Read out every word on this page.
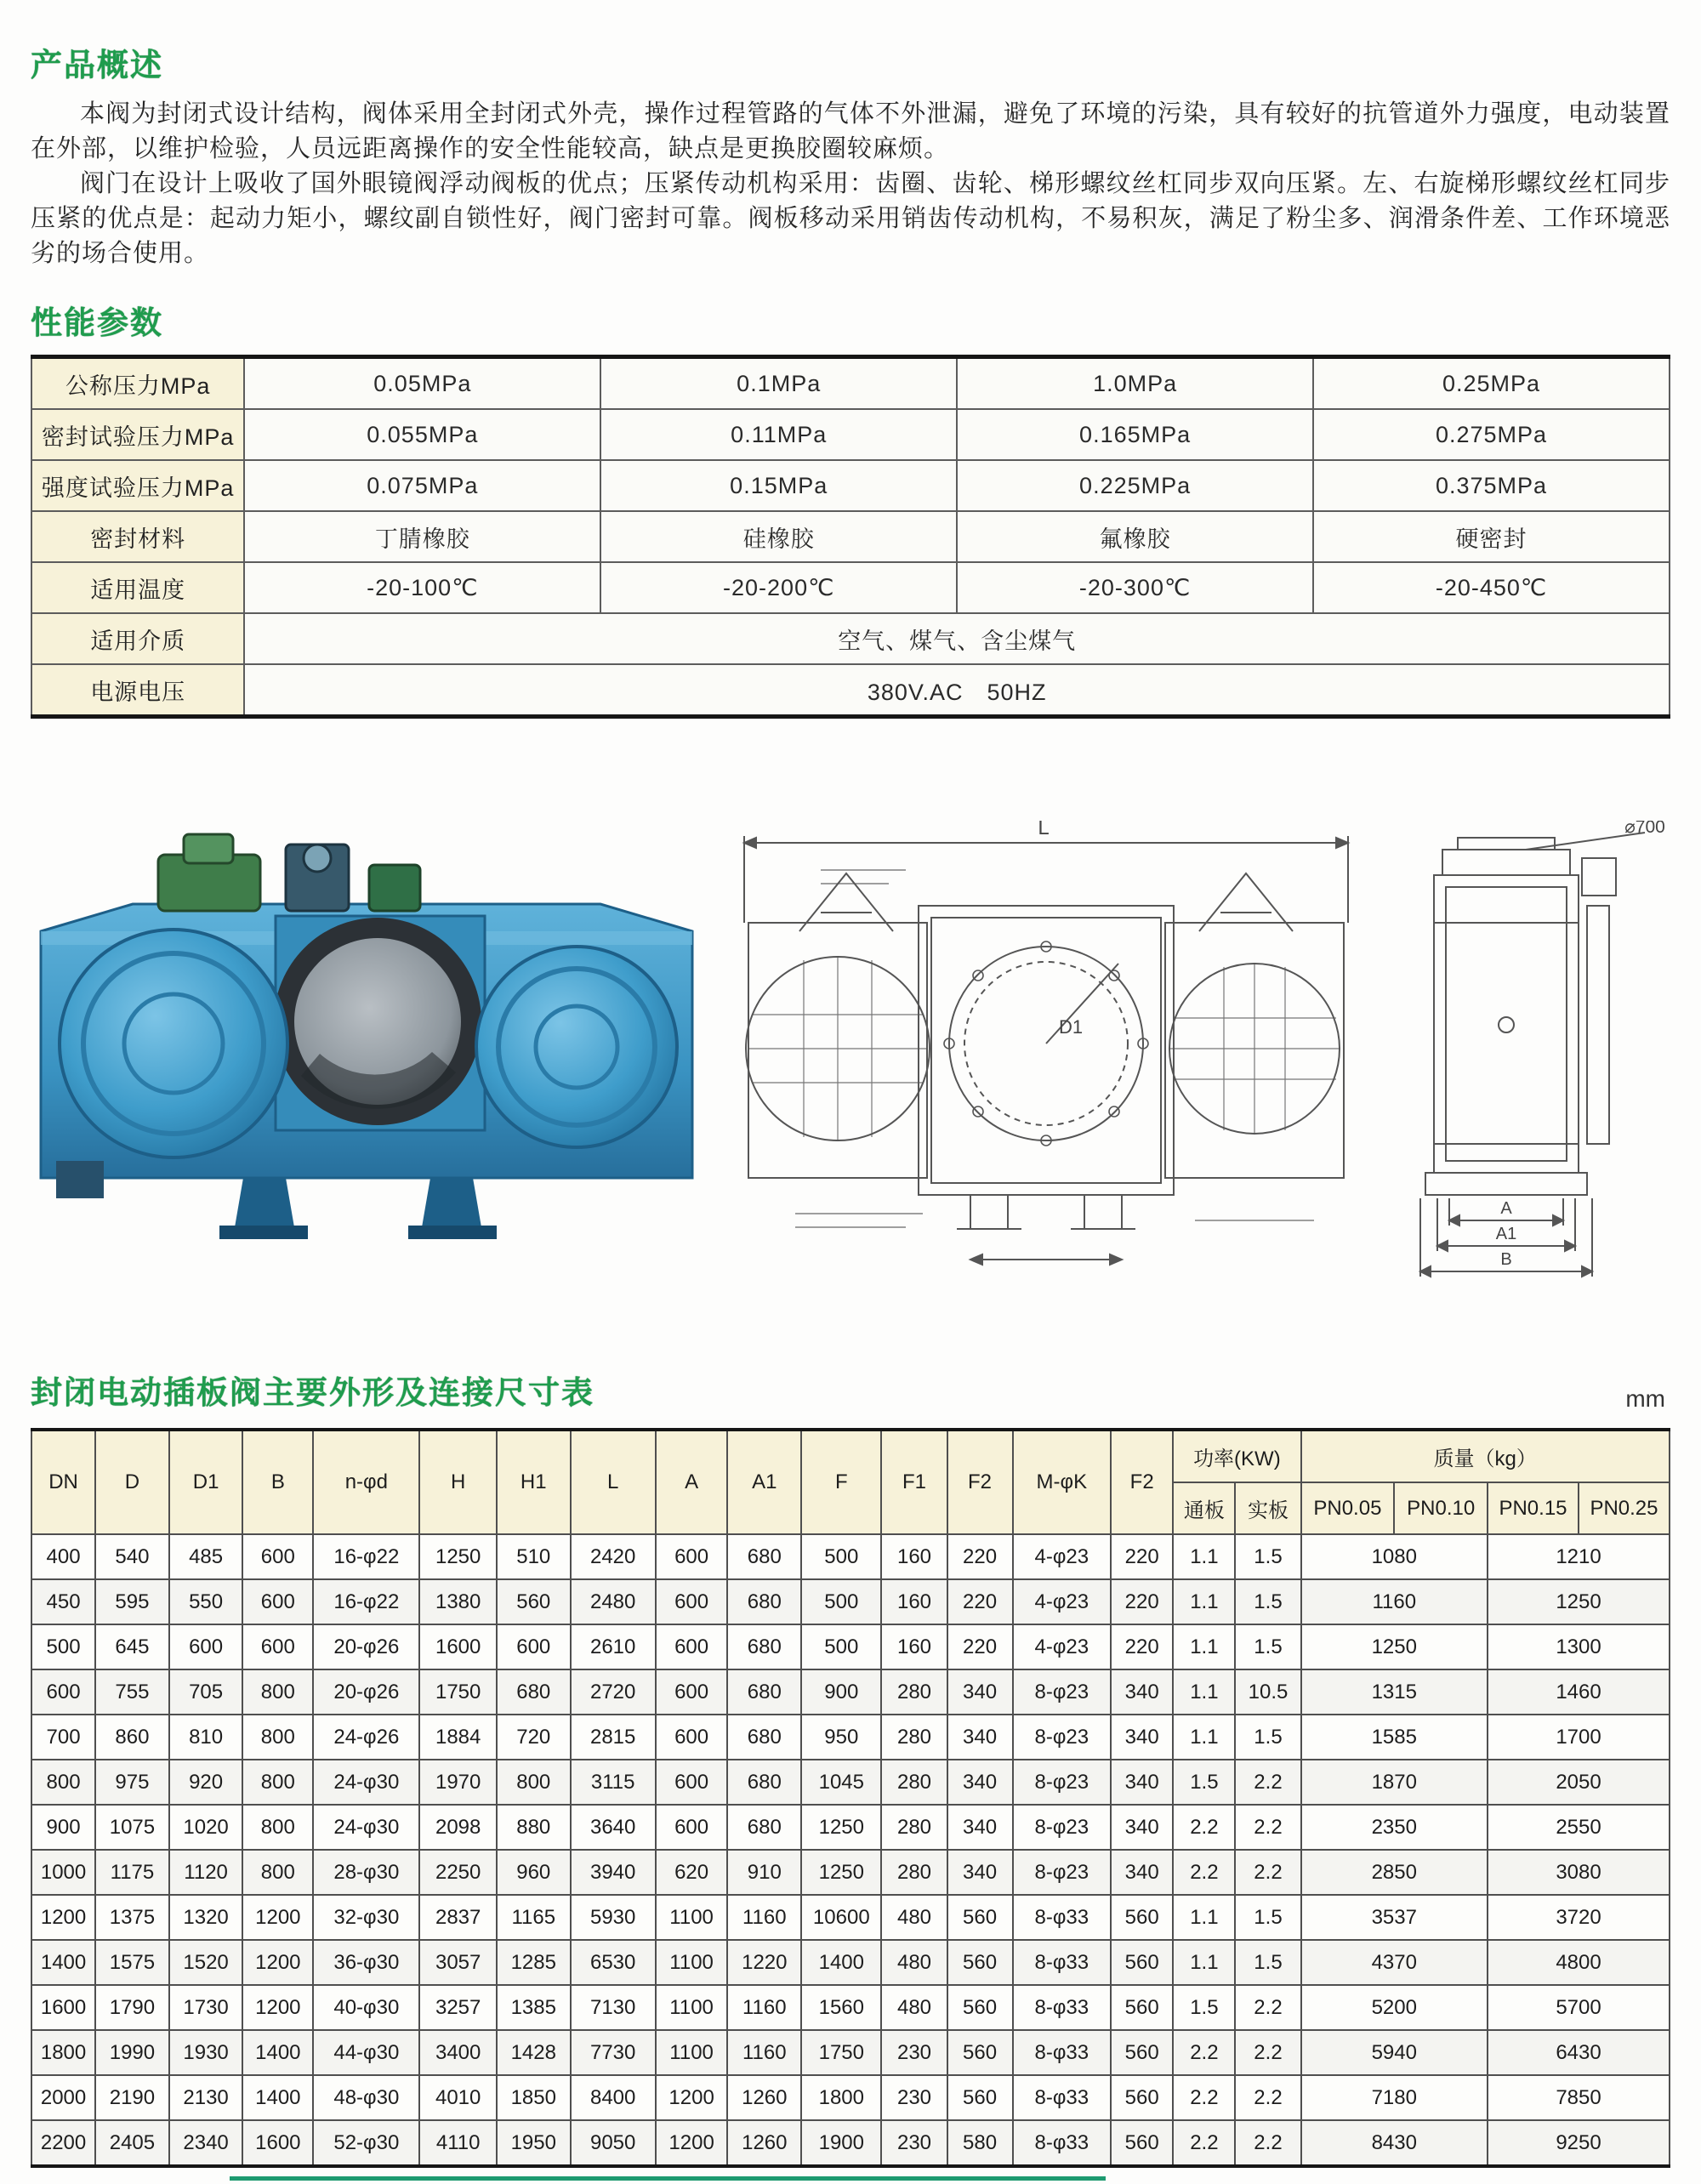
产品概述

本阀为封闭式设计结构，阀体采用全封闭式外壳，操作过程管路的气体不外泄漏，避免了环境的污染，具有较好的抗管道外力强度，电动装置在外部，以维护检验，人员远距离操作的安全性能较高，缺点是更换胶圈较麻烦。

阀门在设计上吸收了国外眼镜阀浮动阀板的优点；压紧传动机构采用：齿圈、齿轮、梯形螺纹丝杠同步双向压紧。左、右旋梯形螺纹丝杠同步压紧的优点是：起动力矩小，螺纹副自锁性好，阀门密封可靠。阀板移动采用销齿传动机构，不易积灰，满足了粉尘多、润滑条件差、工作环境恶劣的场合使用。

性能参数
公称压力MPa	0.05MPa	0.1MPa	1.0MPa	0.25MPa
密封试验压力MPa	0.055MPa	0.11MPa	0.165MPa	0.275MPa
强度试验压力MPa	0.075MPa	0.15MPa	0.225MPa	0.375MPa
密封材料	丁腈橡胶	硅橡胶	氟橡胶	硬密封
适用温度	-20-100℃	-20-200℃	-20-300℃	-20-450℃
适用介质	空气、煤气、含尘煤气			
电源电压	380V.AC　50HZ			
L
D1
⌀700
A
A1
B
封闭电动插板阀主要外形及连接尺寸表	mm
DN	D	D1	B	n-φd	H	H1	L	A	A1	F	F1	F2	M-φK	F2	功率(KW)		质量（kg）			
															通板	实板	PN0.05	PN0.10	PN0.15	PN0.25
400	540	485	600	16-φ22	1250	510	2420	600	680	500	160	220	4-φ23	220	1.1	1.5	1080		1210	
450	595	550	600	16-φ22	1380	560	2480	600	680	500	160	220	4-φ23	220	1.1	1.5	1160		1250	
500	645	600	600	20-φ26	1600	600	2610	600	680	500	160	220	4-φ23	220	1.1	1.5	1250		1300	
600	755	705	800	20-φ26	1750	680	2720	600	680	900	280	340	8-φ23	340	1.1	10.5	1315		1460	
700	860	810	800	24-φ26	1884	720	2815	600	680	950	280	340	8-φ23	340	1.1	1.5	1585		1700	
800	975	920	800	24-φ30	1970	800	3115	600	680	1045	280	340	8-φ23	340	1.5	2.2	1870		2050	
900	1075	1020	800	24-φ30	2098	880	3640	600	680	1250	280	340	8-φ23	340	2.2	2.2	2350		2550	
1000	1175	1120	800	28-φ30	2250	960	3940	620	910	1250	280	340	8-φ23	340	2.2	2.2	2850		3080	
1200	1375	1320	1200	32-φ30	2837	1165	5930	1100	1160	10600	480	560	8-φ33	560	1.1	1.5	3537		3720	
1400	1575	1520	1200	36-φ30	3057	1285	6530	1100	1220	1400	480	560	8-φ33	560	1.1	1.5	4370		4800	
1600	1790	1730	1200	40-φ30	3257	1385	7130	1100	1160	1560	480	560	8-φ33	560	1.5	2.2	5200		5700	
1800	1990	1930	1400	44-φ30	3400	1428	7730	1100	1160	1750	230	560	8-φ33	560	2.2	2.2	5940		6430	
2000	2190	2130	1400	48-φ30	4010	1850	8400	1200	1260	1800	230	560	8-φ33	560	2.2	2.2	7180		7850	
2200	2405	2340	1600	52-φ30	4110	1950	9050	1200	1260	1900	230	580	8-φ33	560	2.2	2.2	8430		9250	
